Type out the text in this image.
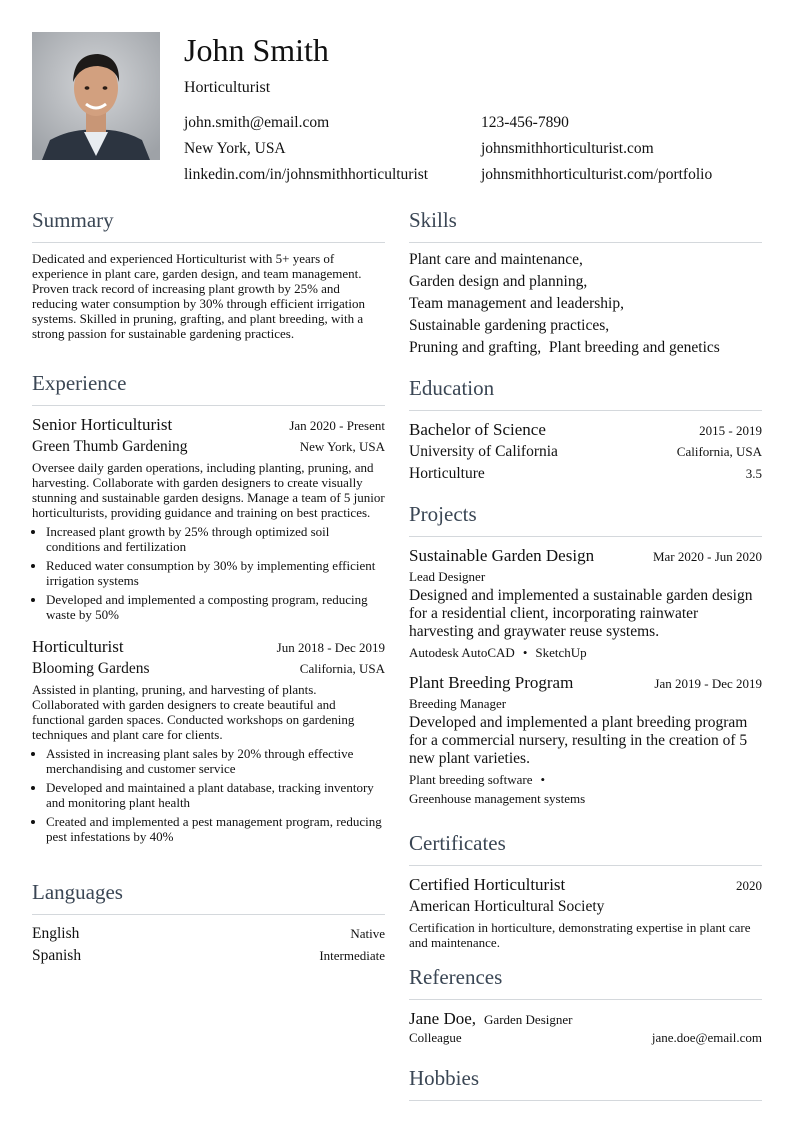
John Smith
Horticulturist
john.smith@email.com	123-456-7890
New York, USA	johnsmithhorticulturist.com
linkedin.com/in/johnsmithhorticulturist	johnsmithhorticulturist.com/portfolio
Summary
Dedicated and experienced Horticulturist with 5+ years of experience in plant care, garden design, and team management. Proven track record of increasing plant growth by 25% and reducing water consumption by 30% through efficient irrigation systems. Skilled in pruning, grafting, and plant breeding, with a strong passion for sustainable gardening practices.
Experience
Senior Horticulturist	Jan 2020 - Present
Green Thumb Gardening	New York, USA
Oversee daily garden operations, including planting, pruning, and harvesting. Collaborate with garden designers to create visually stunning and sustainable garden designs. Manage a team of 5 junior horticulturists, providing guidance and training on best practices.
• Increased plant growth by 25% through optimized soil conditions and fertilization
• Reduced water consumption by 30% by implementing efficient irrigation systems
• Developed and implemented a composting program, reducing waste by 50%
Horticulturist	Jun 2018 - Dec 2019
Blooming Gardens	California, USA
Assisted in planting, pruning, and harvesting of plants. Collaborated with garden designers to create beautiful and functional garden spaces. Conducted workshops on gardening techniques and plant care for clients.
• Assisted in increasing plant sales by 20% through effective merchandising and customer service
• Developed and maintained a plant database, tracking inventory and monitoring plant health
• Created and implemented a pest management program, reducing pest infestations by 40%
Languages
English	Native
Spanish	Intermediate
Skills
Plant care and maintenance,
Garden design and planning,
Team management and leadership,
Sustainable gardening practices,
Pruning and grafting, Plant breeding and genetics
Education
Bachelor of Science	2015 - 2019
University of California	California, USA
Horticulture	3.5
Projects
Sustainable Garden Design	Mar 2020 - Jun 2020
Lead Designer
Designed and implemented a sustainable garden design for a residential client, incorporating rainwater harvesting and graywater reuse systems.
Autodesk AutoCAD • SketchUp
Plant Breeding Program	Jan 2019 - Dec 2019
Breeding Manager
Developed and implemented a plant breeding program for a commercial nursery, resulting in the creation of 5 new plant varieties.
Plant breeding software •
Greenhouse management systems
Certificates
Certified Horticulturist	2020
American Horticultural Society
Certification in horticulture, demonstrating expertise in plant care and maintenance.
References
Jane Doe, Garden Designer
Colleague	jane.doe@email.com
Hobbies
